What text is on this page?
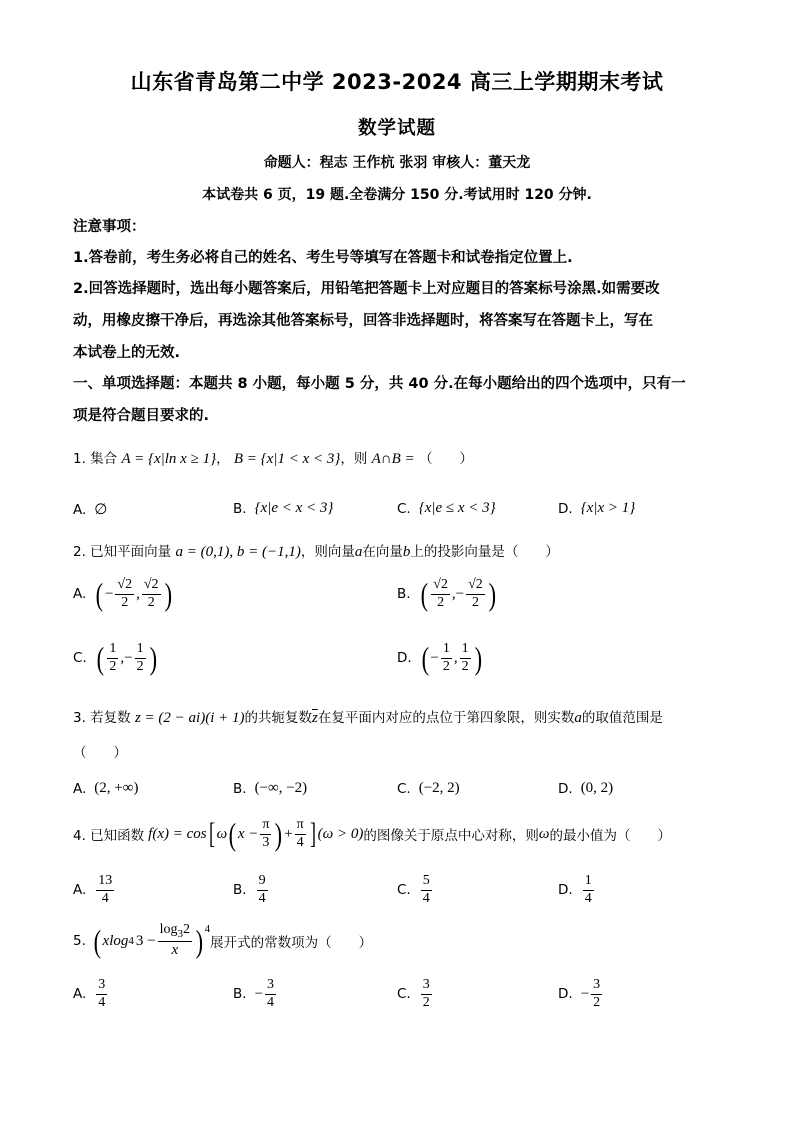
山东省青岛第二中学 2023-2024 高三上学期期末考试
数学试题
命题人：程志 王作杭 张羽 审核人：董天龙
本试卷共 6 页，19 题.全卷满分 150 分.考试用时 120 分钟.
注意事项：
1.答卷前，考生务必将自己的姓名、考生号等填写在答题卡和试卷指定位置上.
2.回答选择题时，选出每小题答案后，用铅笔把答题卡上对应题目的答案标号涂黑.如需要改
动，用橡皮擦干净后，再选涂其他答案标号，回答非选择题时，将答案写在答题卡上，写在
本试卷上的无效.
一、单项选择题：本题共 8 小题，每小题 5 分，共 40 分.在每小题给出的四个选项中，只有一
项是符合题目要求的.
1. 集合 A = {x|ln x ≥ 1}， B = {x|1 < x < 3}，则 A∩B = （　　）
A. ∅	B. {x|e < x < 3}	C. {x|e ≤ x < 3}	D. {x|x > 1}
2. 已知平面向量 a = (0,1), b = (−1,1)，则向量a在向量b上的投影向量是（　　）
A. ( − $\frac{√2}{2}$ , $\frac{√2}{2}$ )	B. ( $\frac{√2}{2}$ , − $\frac{√2}{2}$ )
C. ( $\frac{1}{2}$ , − $\frac{1}{2}$ )	D. ( − $\frac{1}{2}$ , $\frac{1}{2}$ )
3. 若复数 z = (2 − ai)(i + 1)的共轭复数$\overline{z}$在复平面内对应的点位于第四象限，则实数a的取值范围是
（　　）
A. (2, +∞)	B. (−∞, −2)	C. (−2, 2)	D. (0, 2)
4. 已知函数 f(x) = cos [ ω ( $x - \frac{\pi}{3}$ ) + $\frac{\pi}{4}$ ] (ω > 0) 的图像关于原点中心对称，则 ω 的最小值为（　　）
A. $\frac{13}{4}$	B. $\frac{9}{4}$	C. $\frac{5}{4}$	D. $\frac{1}{4}$
5. ( xlog 4 $3 - \frac{\log_32}{x}$ ) 4
展开式的常数项为（　　）
A. $\frac{3}{4}$	B. − $\frac{3}{4}$	C. $\frac{3}{2}$	D. − $\frac{3}{2}$
